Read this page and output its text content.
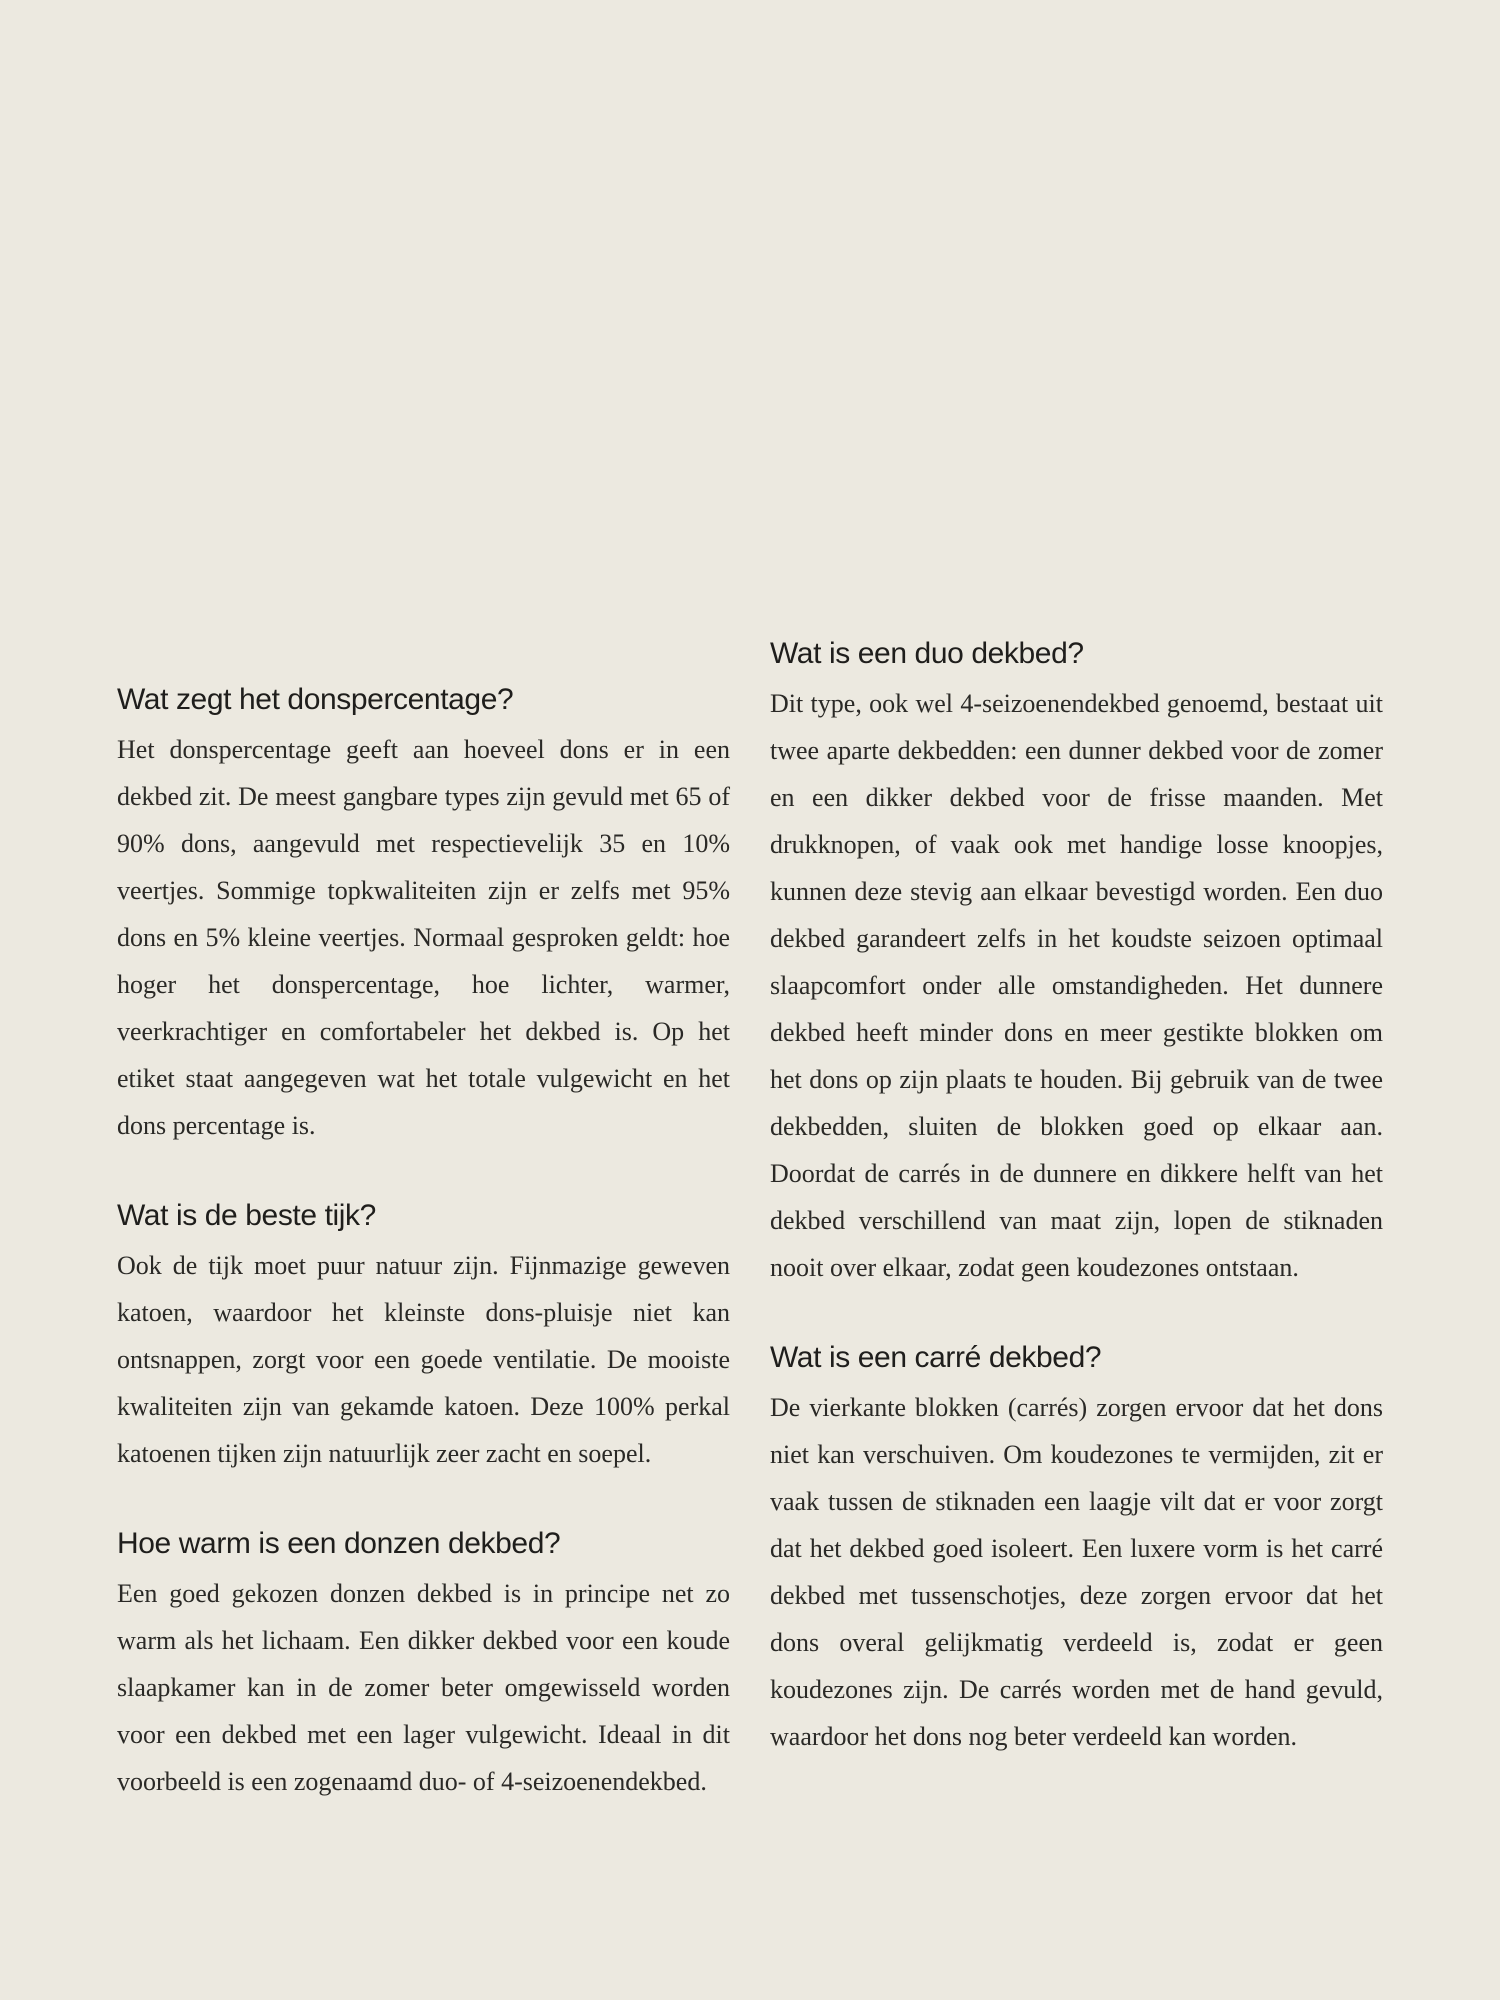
Wat zegt het donspercentage?

Het donspercentage geeft aan hoeveel dons er in een dekbed zit. De meest gangbare types zijn gevuld met 65 of 90% dons, aangevuld met respectievelijk 35 en 10% veertjes. Sommige topkwaliteiten zijn er zelfs met 95% dons en 5% kleine veertjes. Normaal gesproken geldt: hoe hoger het donspercentage, hoe lichter, warmer, veerkrachtiger en comfortabeler het dekbed is. Op het etiket staat aangegeven wat het totale vulgewicht en het dons percentage is.

Wat is de beste tijk?

Ook de tijk moet puur natuur zijn. Fijnmazige geweven katoen, waardoor het kleinste dons-pluisje niet kan ontsnappen, zorgt voor een goede ventilatie. De mooiste kwaliteiten zijn van gekamde katoen. Deze 100% perkal katoenen tijken zijn natuurlijk zeer zacht en soepel.

Hoe warm is een donzen dekbed?

Een goed gekozen donzen dekbed is in principe net zo warm als het lichaam. Een dikker dekbed voor een koude slaapkamer kan in de zomer beter omgewisseld worden voor een dekbed met een lager vulgewicht. Ideaal in dit voorbeeld is een zogenaamd duo- of 4-seizoenendekbed.

Wat is een duo dekbed?

Dit type, ook wel 4-seizoenendekbed genoemd, bestaat uit twee aparte dekbedden: een dunner dekbed voor de zomer en een dikker dekbed voor de frisse maanden. Met drukknopen, of vaak ook met handige losse knoopjes, kunnen deze stevig aan elkaar bevestigd worden. Een duo dekbed garandeert zelfs in het koudste seizoen optimaal slaapcomfort onder alle omstandigheden. Het dunnere dekbed heeft minder dons en meer gestikte blokken om het dons op zijn plaats te houden. Bij gebruik van de twee dekbedden, sluiten de blokken goed op elkaar aan. Doordat de carrés in de dunnere en dikkere helft van het dekbed verschillend van maat zijn, lopen de stiknaden nooit over elkaar, zodat geen koudezones ontstaan.

Wat is een carré dekbed?

De vierkante blokken (carrés) zorgen ervoor dat het dons niet kan verschuiven. Om koudezones te vermijden, zit er vaak tussen de stiknaden een laagje vilt dat er voor zorgt dat het dekbed goed isoleert. Een luxere vorm is het carré dekbed met tussenschotjes, deze zorgen ervoor dat het dons overal gelijkmatig verdeeld is, zodat er geen koudezones zijn. De carrés worden met de hand gevuld, waardoor het dons nog beter verdeeld kan worden.
